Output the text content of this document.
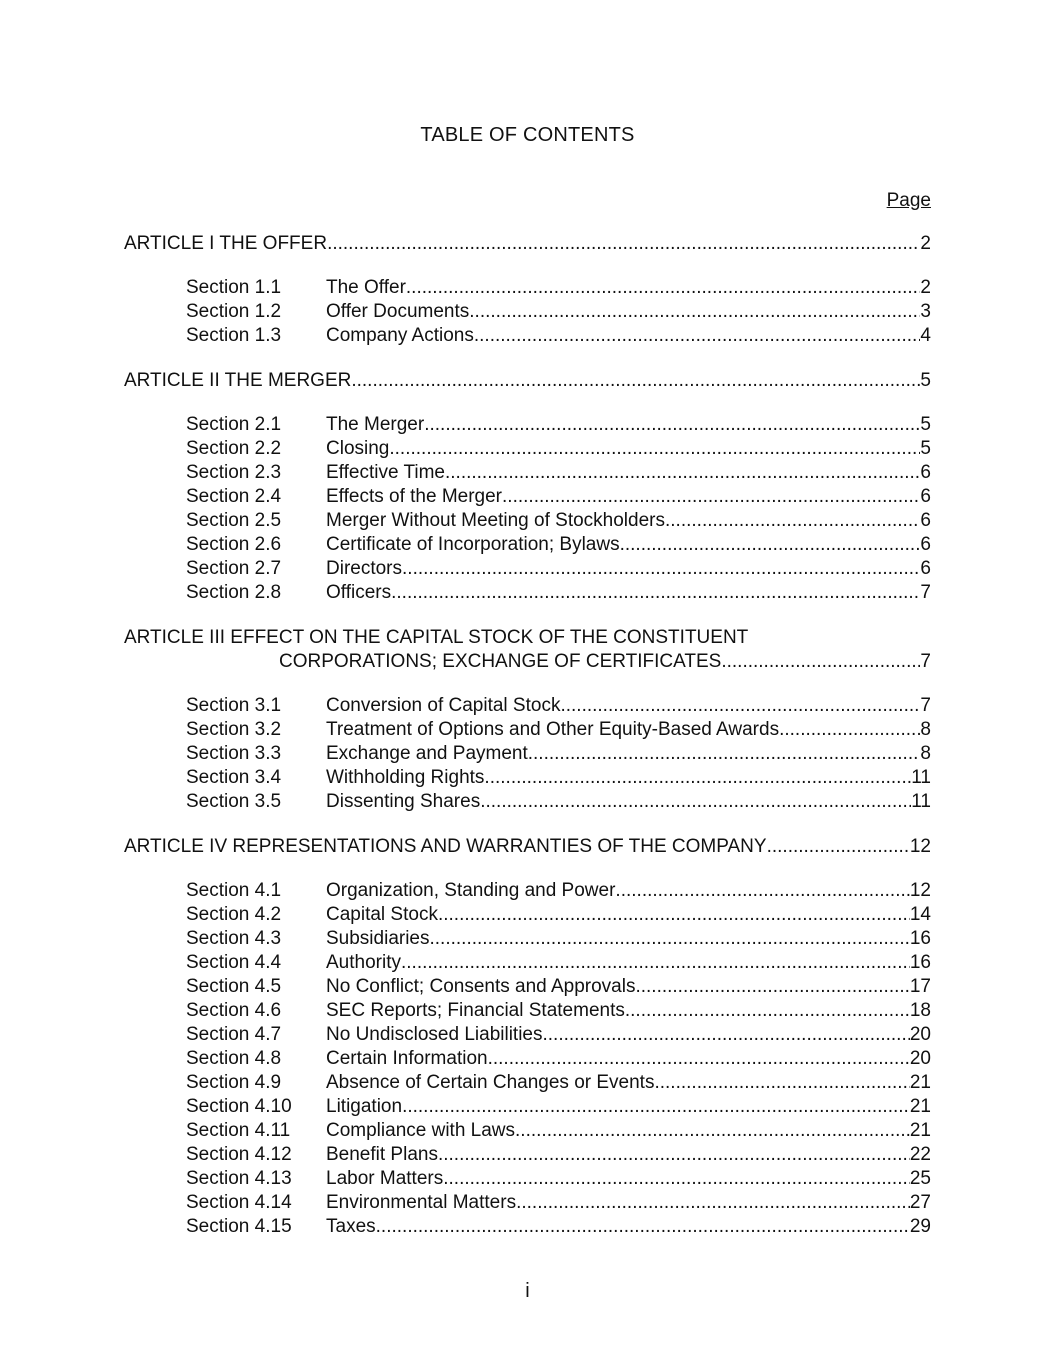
TABLE OF CONTENTS
Page
ARTICLE I THE OFFER .....	2
Section 1.1	The Offer .....	2
Section 1.2	Offer Documents .....	3
Section 1.3	Company Actions .....	4
ARTICLE II THE MERGER .....	5
Section 2.1	The Merger .....	5
Section 2.2	Closing .....	5
Section 2.3	Effective Time .....	6
Section 2.4	Effects of the Merger .....	6
Section 2.5	Merger Without Meeting of Stockholders .....	6
Section 2.6	Certificate of Incorporation; Bylaws .....	6
Section 2.7	Directors .....	6
Section 2.8	Officers .....	7
ARTICLE III EFFECT ON THE CAPITAL STOCK OF THE CONSTITUENT
CORPORATIONS; EXCHANGE OF CERTIFICATES .....	7
Section 3.1	Conversion of Capital Stock .....	7
Section 3.2	Treatment of Options and Other Equity-Based Awards .....	8
Section 3.3	Exchange and Payment .....	8
Section 3.4	Withholding Rights .....	11
Section 3.5	Dissenting Shares .....	11
ARTICLE IV REPRESENTATIONS AND WARRANTIES OF THE COMPANY .....	12
Section 4.1	Organization, Standing and Power .....	12
Section 4.2	Capital Stock .....	14
Section 4.3	Subsidiaries .....	16
Section 4.4	Authority .....	16
Section 4.5	No Conflict; Consents and Approvals .....	17
Section 4.6	SEC Reports; Financial Statements .....	18
Section 4.7	No Undisclosed Liabilities .....	20
Section 4.8	Certain Information .....	20
Section 4.9	Absence of Certain Changes or Events .....	21
Section 4.10	Litigation .....	21
Section 4.11	Compliance with Laws .....	21
Section 4.12	Benefit Plans .....	22
Section 4.13	Labor Matters .....	25
Section 4.14	Environmental Matters .....	27
Section 4.15	Taxes .....	29
i
